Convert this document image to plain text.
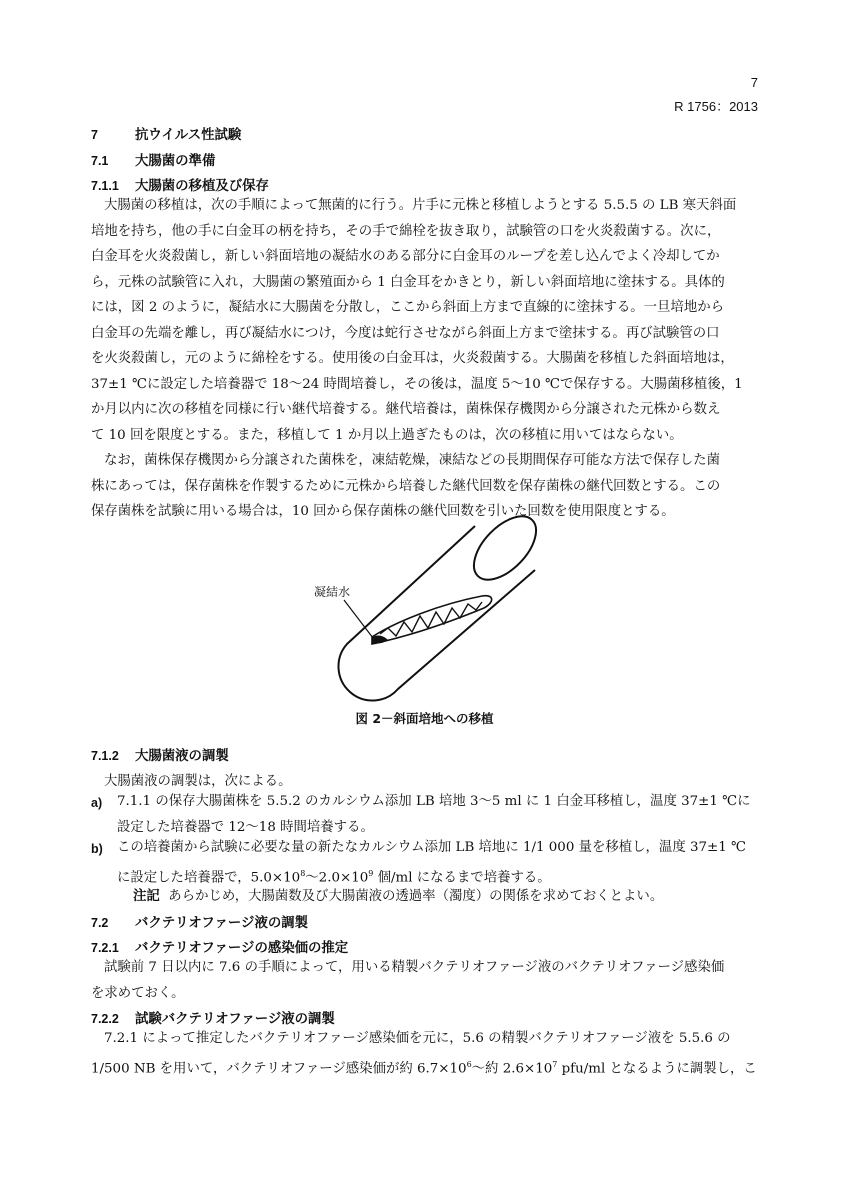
7
R 1756：2013
7	抗ウイルス性試験
7.1 大腸菌の準備
7.1.1 大腸菌の移植及び保存
大腸菌の移植は，次の手順によって無菌的に行う。片手に元株と移植しようとする 5.5.5 の LB 寒天斜面
培地を持ち，他の手に白金耳の柄を持ち，その手で綿栓を抜き取り，試験管の口を火炎殺菌する。次に，
白金耳を火炎殺菌し，新しい斜面培地の凝結水のある部分に白金耳のループを差し込んでよく冷却してか
ら，元株の試験管に入れ，大腸菌の繁殖面から 1 白金耳をかきとり，新しい斜面培地に塗抹する。具体的
には，図 2 のように，凝結水に大腸菌を分散し，ここから斜面上方まで直線的に塗抹する。一旦培地から
白金耳の先端を離し，再び凝結水につけ，今度は蛇行させながら斜面上方まで塗抹する。再び試験管の口
を火炎殺菌し，元のように綿栓をする。使用後の白金耳は，火炎殺菌する。大腸菌を移植した斜面培地は，
37±1 ℃に設定した培養器で 18～24 時間培養し，その後は，温度 5～10 ℃で保存する。大腸菌移植後，1
か月以内に次の移植を同様に行い継代培養する。継代培養は，菌株保存機関から分譲された元株から数え
て 10 回を限度とする。また，移植して 1 か月以上過ぎたものは，次の移植に用いてはならない。
なお，菌株保存機関から分譲された菌株を，凍結乾燥，凍結などの長期間保存可能な方法で保存した菌
株にあっては，保存菌株を作製するために元株から培養した継代回数を保存菌株の継代回数とする。この
保存菌株を試験に用いる場合は，10 回から保存菌株の継代回数を引いた回数を使用限度とする。
凝結水
図 2－斜面培地への移植
7.1.2 大腸菌液の調製
大腸菌液の調製は，次による。
a) 7.1.1 の保存大腸菌株を 5.5.2 のカルシウム添加 LB 培地 3～5 ml に 1 白金耳移植し，温度 37±1 ℃に
設定した培養器で 12～18 時間培養する。
b) この培養菌から試験に必要な量の新たなカルシウム添加 LB 培地に 1/1 000 量を移植し，温度 37±1 ℃
に設定した培養器で，$5.0\times 10^8\sim 2.0\times 10^9$ 個/ml になるまで培養する。
注記 あらかじめ，大腸菌数及び大腸菌液の透過率（濁度）の関係を求めておくとよい。
7.2 バクテリオファージ液の調製
7.2.1 バクテリオファージの感染価の推定
試験前 7 日以内に 7.6 の手順によって，用いる精製バクテリオファージ液のバクテリオファージ感染価
を求めておく。
7.2.2 試験バクテリオファージ液の調製
7.2.1 によって推定したバクテリオファージ感染価を元に，5.6 の精製バクテリオファージ液を 5.5.6 の
1/500 NB を用いて，バクテリオファージ感染価が約 $6.7\times 10^6\sim$約 $2.6\times 10^7$ pfu/ml となるように調製し，こ
